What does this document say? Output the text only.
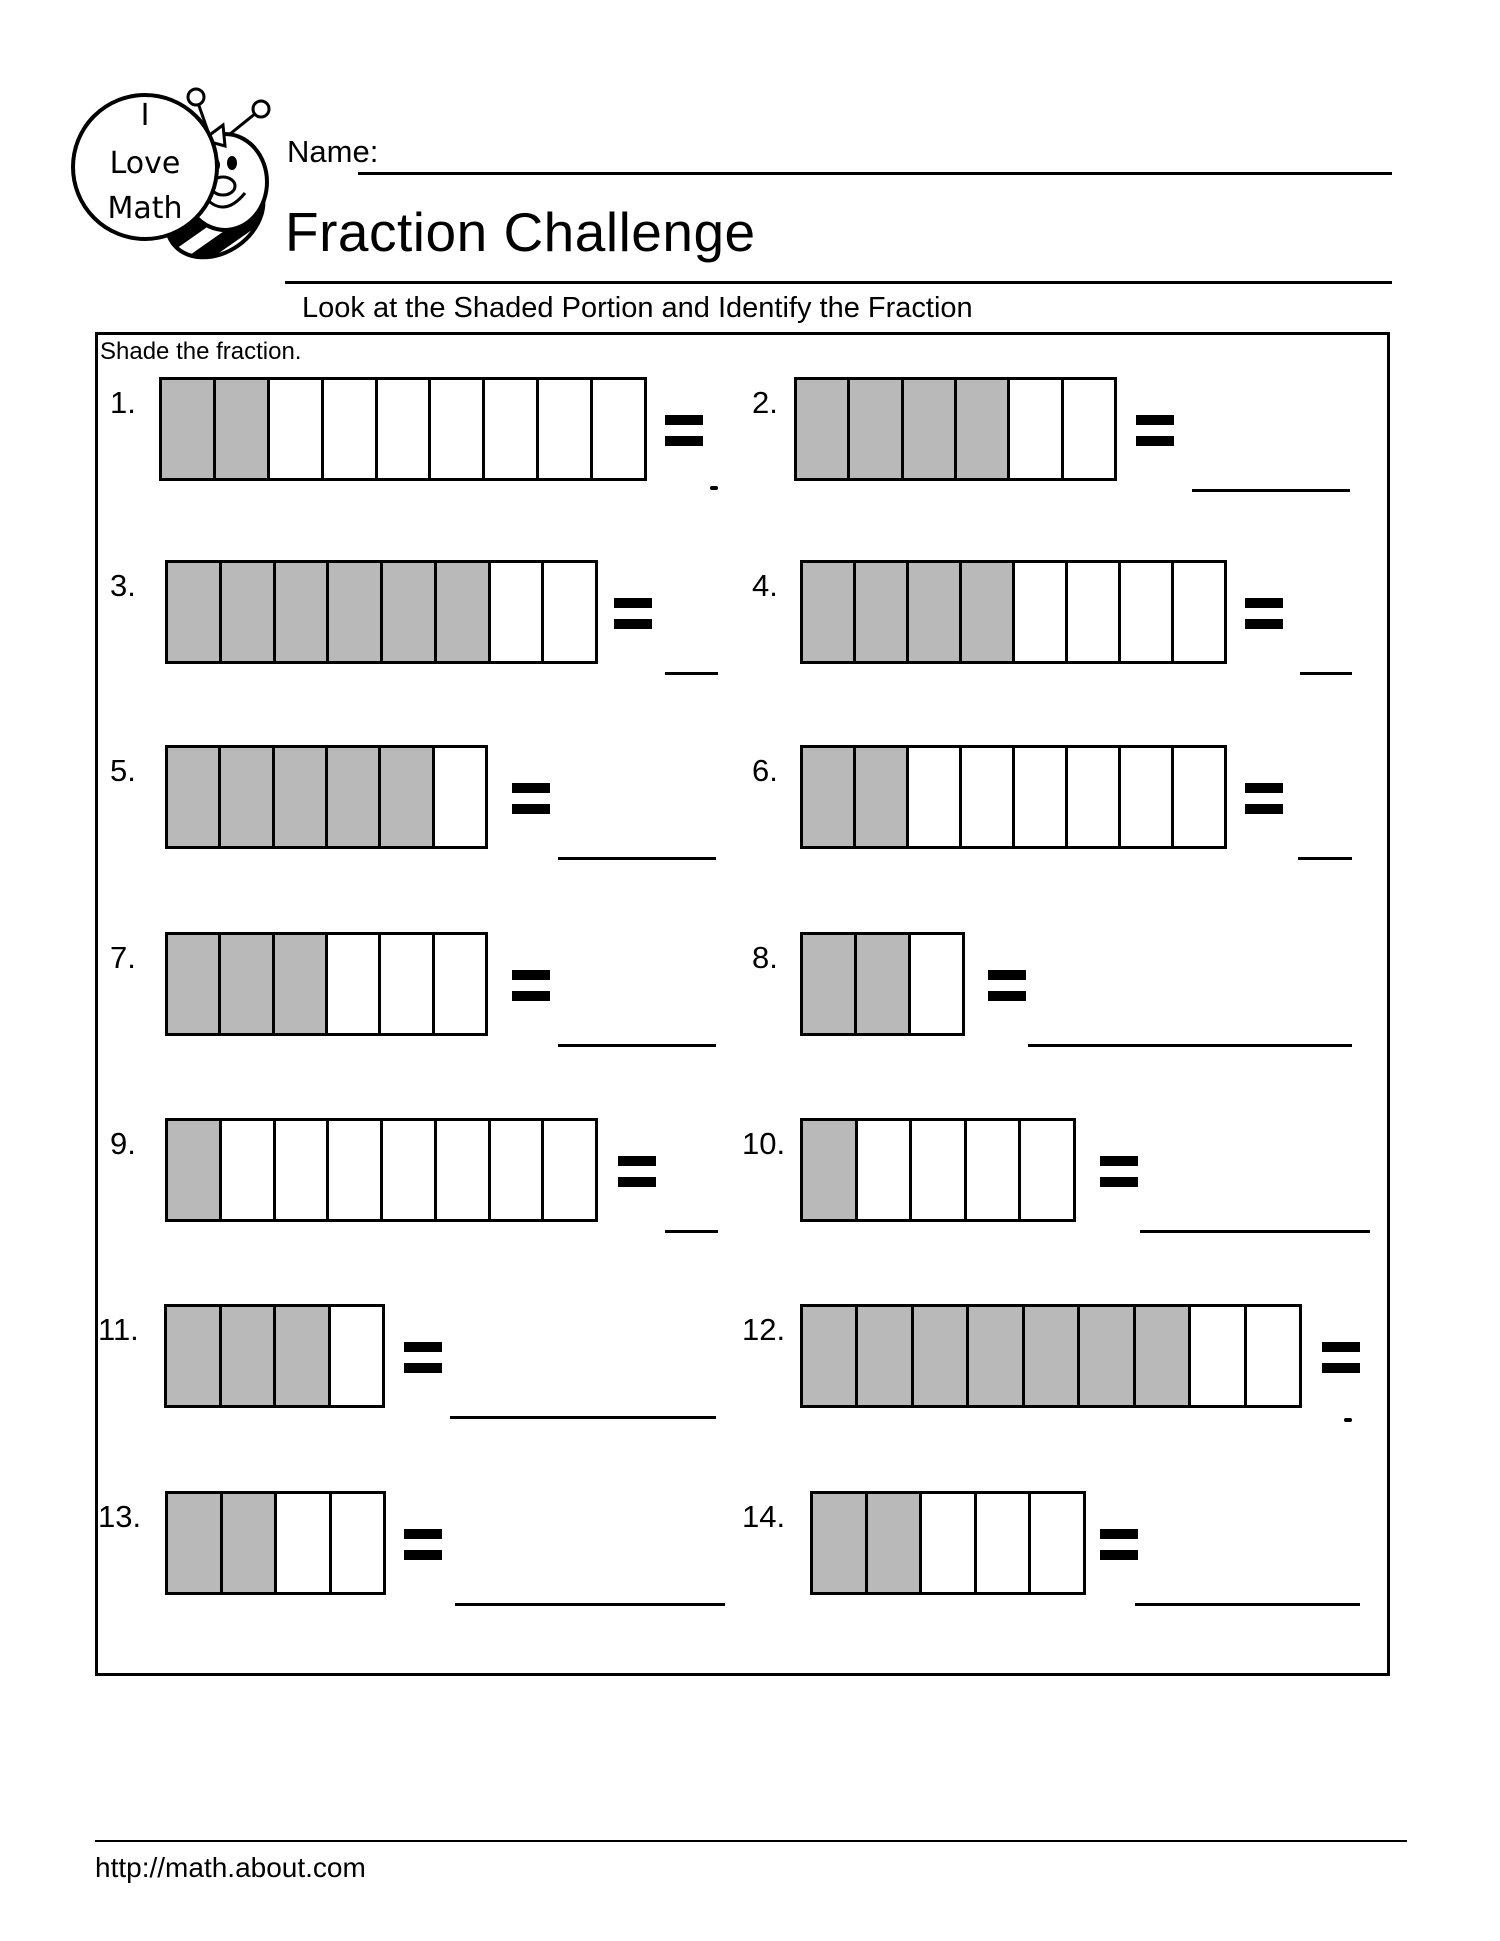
I
Love
Math
Name:
Fraction Challenge
Look at the Shaded Portion and Identify the Fraction
Shade the fraction.
1.	2.
3.	4.
5.	6.
7.	8.
9.	10.
11.	12.
13.	14.
http://math.about.com
